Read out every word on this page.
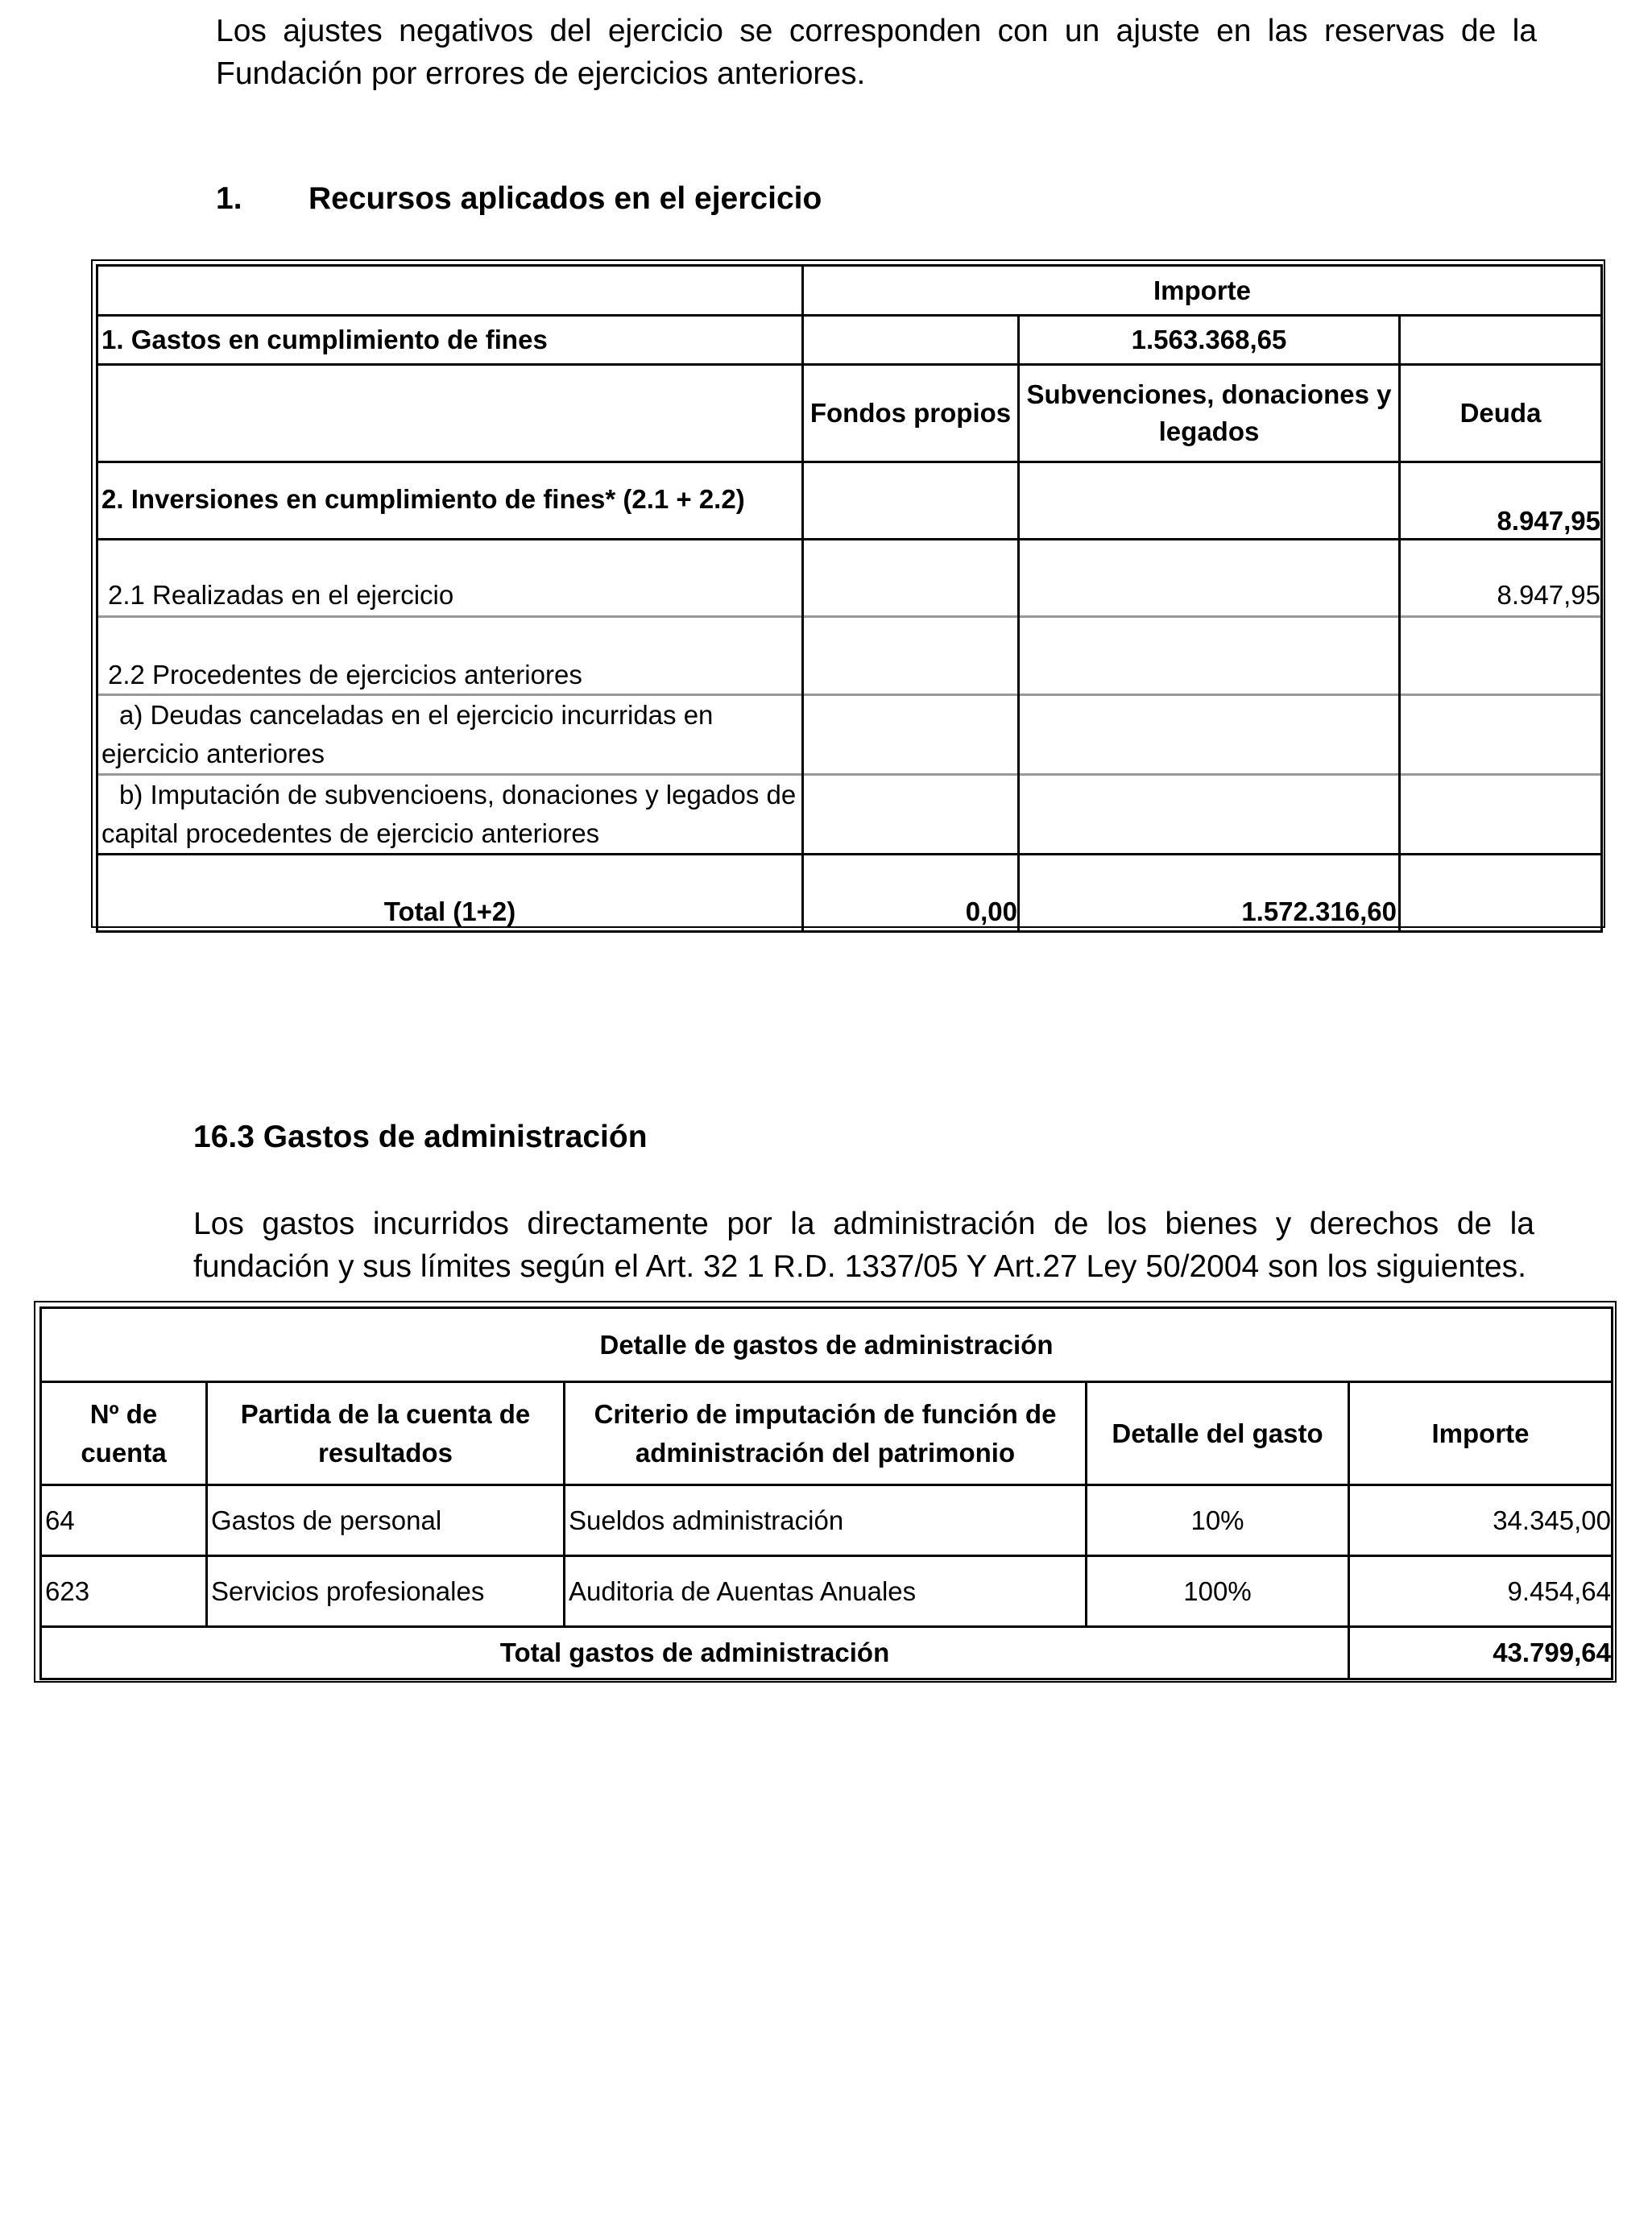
Los ajustes negativos del ejercicio se corresponden con un ajuste en las reservas de la Fundación por errores de ejercicios anteriores.

1. Recursos aplicados en el ejercicio
	Importe		
1. Gastos en cumplimiento de fines		1.563.368,65	
	Fondos propios	Subvenciones, donaciones y legados	Deuda
2. Inversiones en cumplimiento de fines* (2.1 + 2.2)			8.947,95
2.1 Realizadas en el ejercicio			8.947,95
2.2 Procedentes de ejercicios anteriores			
a) Deudas canceladas en el ejercicio incurridas en ejercicio anteriores			
b) Imputación de subvencioens, donaciones y legados de capital procedentes de ejercicio anteriores			
Total (1+2)	0,00	1.572.316,60	
16.3 Gastos de administración

Los gastos incurridos directamente por la administración de los bienes y derechos de la fundación y sus límites según el Art. 32 1 R.D. 1337/05 Y Art.27 Ley 50/2004 son los siguientes.

Detalle de gastos de administración				
Nº de cuenta	Partida de la cuenta de resultados	Criterio de imputación de función de administración del patrimonio	Detalle del gasto	Importe
64	Gastos de personal	Sueldos administración	10%	34.345,00
623	Servicios profesionales	Auditoria de Auentas Anuales	100%	9.454,64
Total gastos de administración				43.799,64
